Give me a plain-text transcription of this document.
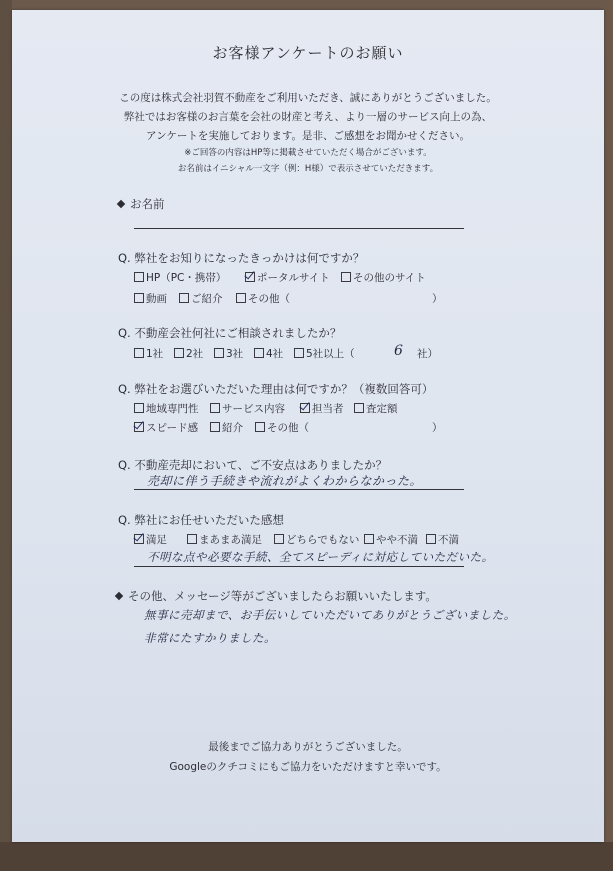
お客様アンケートのお願い
この度は株式会社羽賀不動産をご利用いただき、誠にありがとうございました。
弊社ではお客様のお言葉を会社の財産と考え、より一層のサービス向上の為、
アンケートを実施しております。是非、ご感想をお聞かせください。
※ご回答の内容はHP等に掲載させていただく場合がございます。
お名前はイニシャル一文字（例：H様）で表示させていただきます。
お名前
Q. 弊社をお知りになったきっかけは何ですか？
HP（PC・携帯）	ポータルサイト	その他のサイト
動画	ご紹介	その他（	）
Q. 不動産会社何社にご相談されましたか？
1社	2社	3社	4社	5社以上（	6 社）
Q. 弊社をお選びいただいた理由は何ですか？（複数回答可）
地域専門性	サービス内容	担当者	査定額
スピード感	紹介	その他（	）
Q. 不動産売却において、ご不安点はありましたか？
売却に伴う手続きや流れがよくわからなかった。
Q. 弊社にお任せいただいた感想
満足	まあまあ満足	どちらでもない	やや不満	不満
不明な点や必要な手続、全てスピーディに対応していただいた。
その他、メッセージ等がございましたらお願いいたします。
無事に売却まで、お手伝いしていただいてありがとうございました。
非常にたすかりました。
最後までご協力ありがとうございました。
Googleのクチコミにもご協力をいただけますと幸いです。
